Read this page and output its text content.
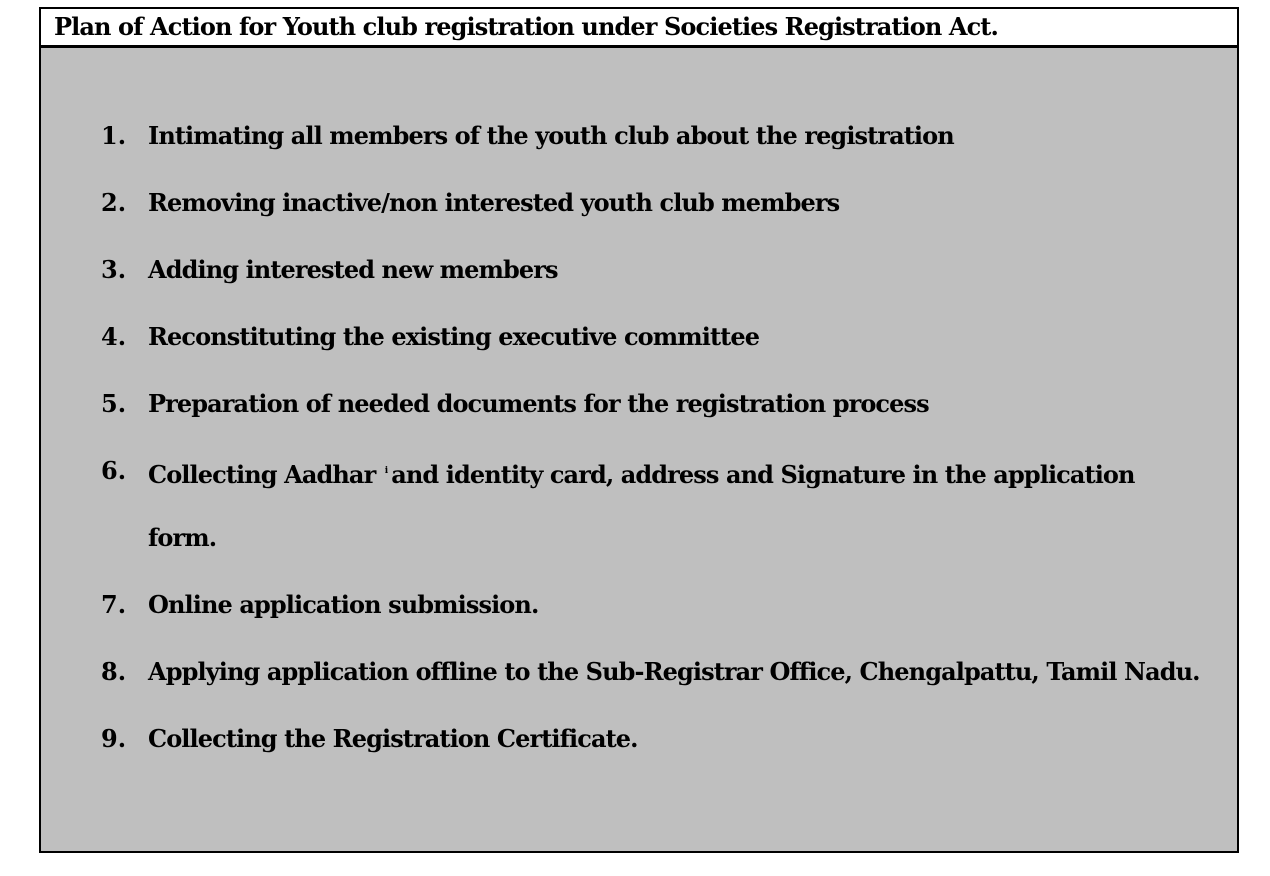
Plan of Action for Youth club registration under Societies Registration Act.
1. Intimating all members of the youth club about the registration
2. Removing inactive/non interested youth club members
3. Adding interested new members
4. Reconstituting the existing executive committee
5. Preparation of needed documents for the registration process
6. Collecting Aadhar $^i$ and identity card, address and Signature in the application
form.
7. Online application submission.
8. Applying application offline to the Sub-Registrar Office, Chengalpattu, Tamil Nadu.
9. Collecting the Registration Certificate.
